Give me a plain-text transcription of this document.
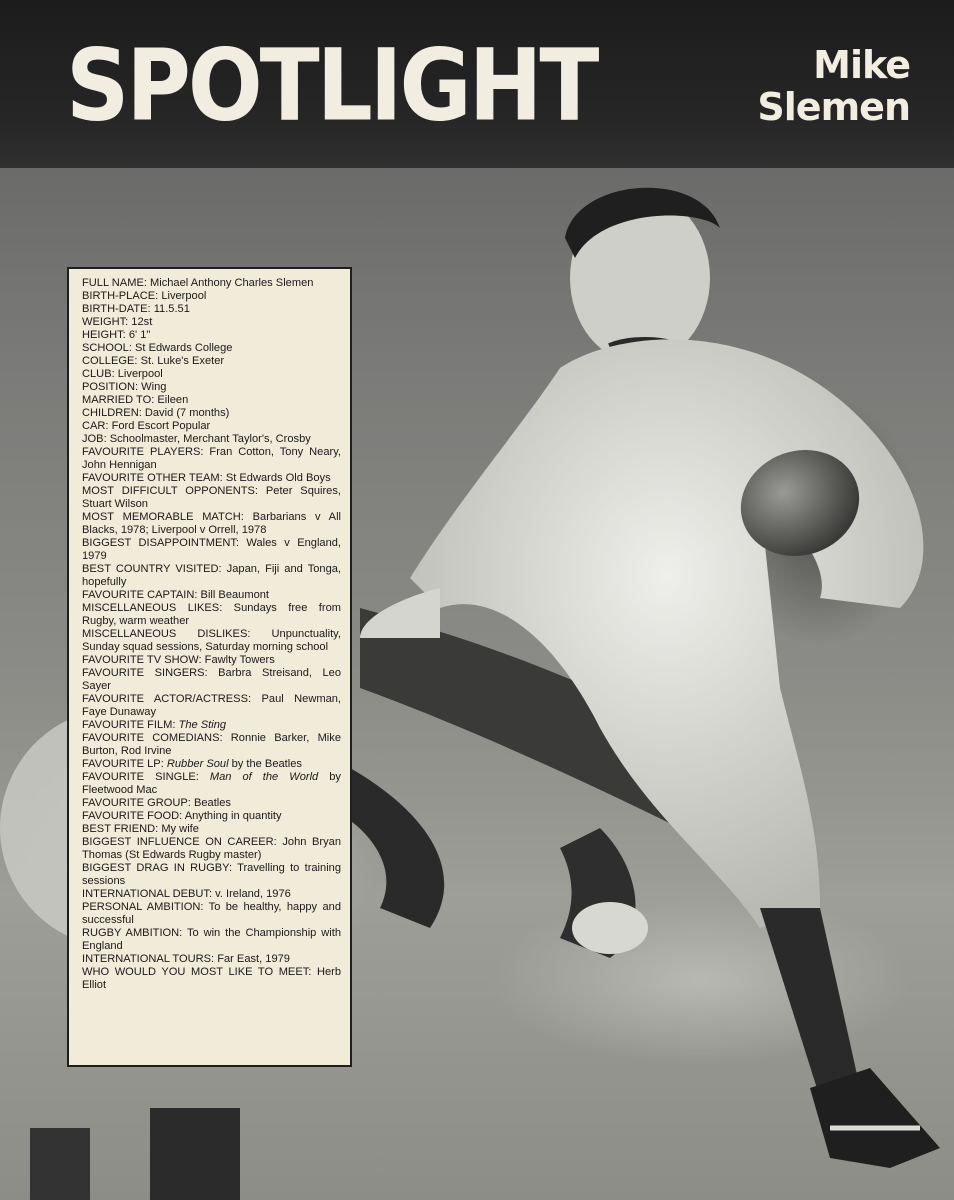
SPOTLIGHT	Mike
Slemen
FULL NAME: Michael Anthony Charles Slemen
BIRTH-PLACE: Liverpool
BIRTH-DATE: 11.5.51
WEIGHT: 12st
HEIGHT: 6' 1"
SCHOOL: St Edwards College
COLLEGE: St. Luke's Exeter
CLUB: Liverpool
POSITION: Wing
MARRIED TO: Eileen
CHILDREN: David (7 months)
CAR: Ford Escort Popular
JOB: Schoolmaster, Merchant Taylor's, Crosby
FAVOURITE PLAYERS: Fran Cotton, Tony Neary, John Hennigan
FAVOURITE OTHER TEAM: St Edwards Old Boys
MOST DIFFICULT OPPONENTS: Peter Squires, Stuart Wilson
MOST MEMORABLE MATCH: Barbarians v All Blacks, 1978; Liverpool v Orrell, 1978
BIGGEST DISAPPOINTMENT: Wales v England, 1979
BEST COUNTRY VISITED: Japan, Fiji and Tonga, hopefully
FAVOURITE CAPTAIN: Bill Beaumont
MISCELLANEOUS LIKES: Sundays free from Rugby, warm weather
MISCELLANEOUS DISLIKES: Unpunctuality, Sunday squad sessions, Saturday morning school
FAVOURITE TV SHOW: Fawlty Towers
FAVOURITE SINGERS: Barbra Streisand, Leo Sayer
FAVOURITE ACTOR/ACTRESS: Paul Newman, Faye Dunaway
FAVOURITE FILM: The Sting
FAVOURITE COMEDIANS: Ronnie Barker, Mike Burton, Rod Irvine
FAVOURITE LP: Rubber Soul by the Beatles
FAVOURITE SINGLE: Man of the World by Fleetwood Mac
FAVOURITE GROUP: Beatles
FAVOURITE FOOD: Anything in quantity
BEST FRIEND: My wife
BIGGEST INFLUENCE ON CAREER: John Bryan Thomas (St Edwards Rugby master)
BIGGEST DRAG IN RUGBY: Travelling to training sessions
INTERNATIONAL DEBUT: v. Ireland, 1976
PERSONAL AMBITION: To be healthy, happy and successful
RUGBY AMBITION: To win the Championship with England
INTERNATIONAL TOURS: Far East, 1979
WHO WOULD YOU MOST LIKE TO MEET: Herb Elliot
